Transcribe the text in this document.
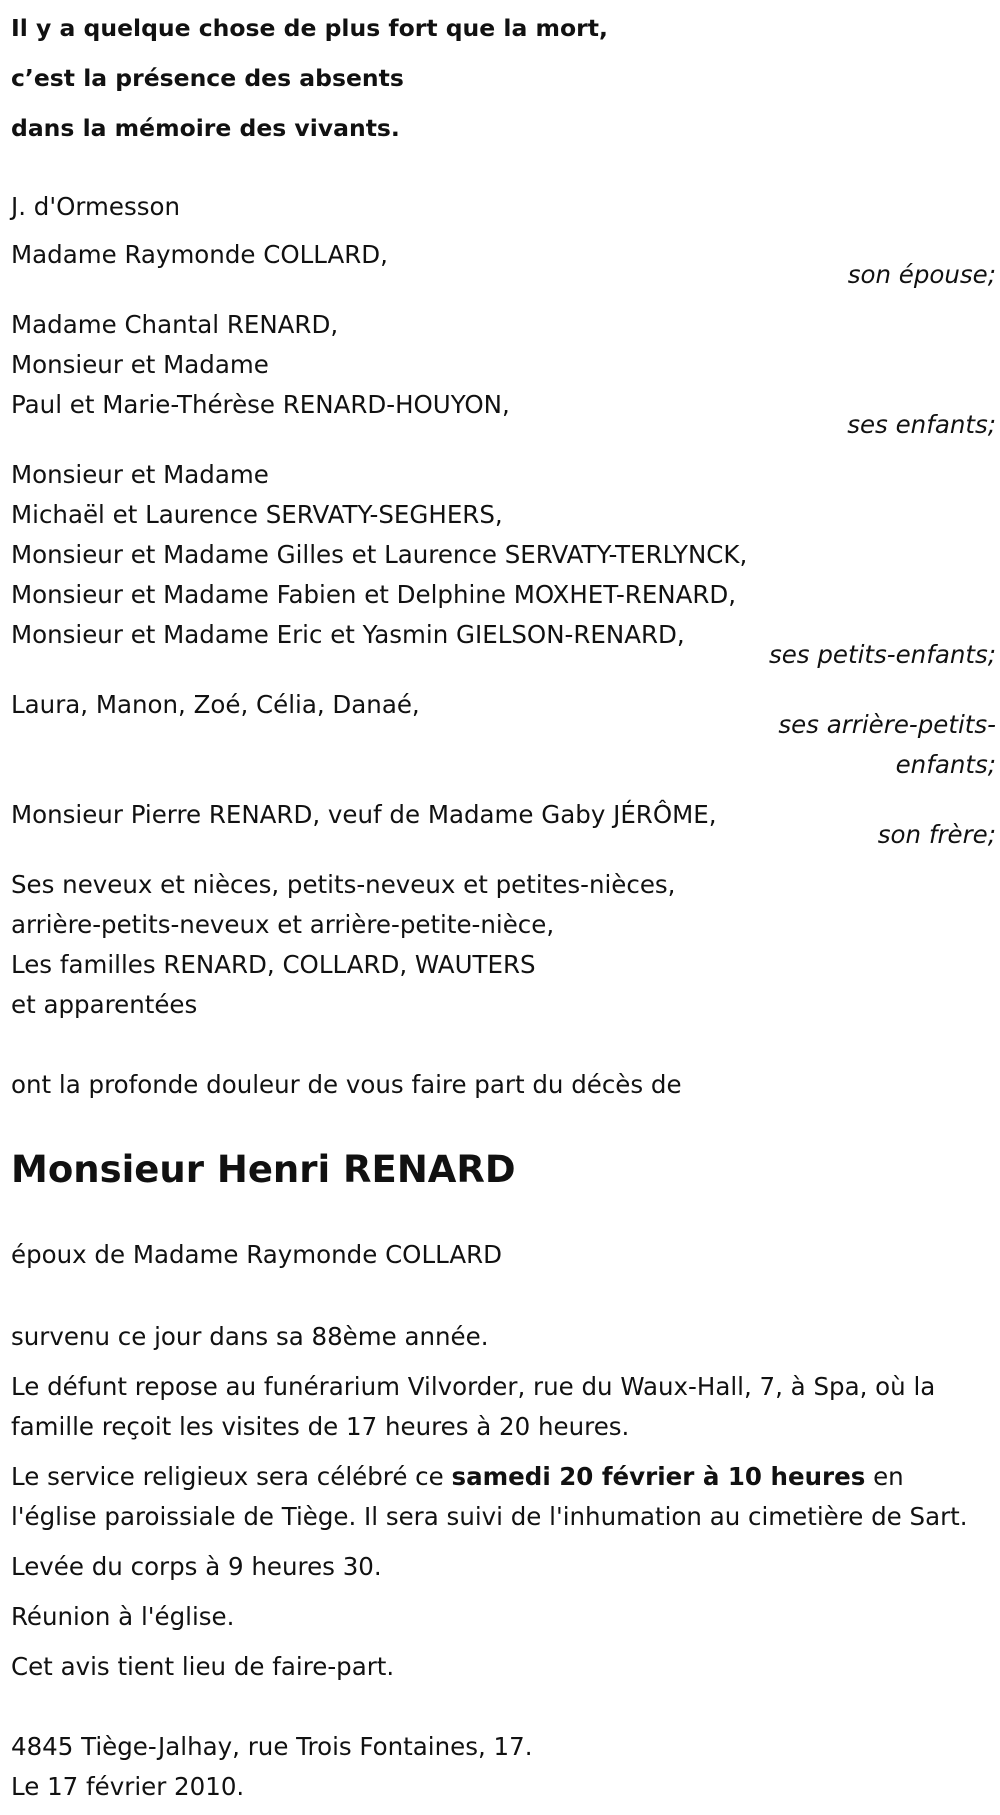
Il y a quelque chose de plus fort que la mort,
c’est la présence des absents
dans la mémoire des vivants.
J. d'Ormesson
Madame Raymonde COLLARD,
son épouse;
Madame Chantal RENARD,
Monsieur et Madame
Paul et Marie-Thérèse RENARD-HOUYON,
ses enfants;
Monsieur et Madame
Michaël et Laurence SERVATY-SEGHERS,
Monsieur et Madame Gilles et Laurence SERVATY-TERLYNCK,
Monsieur et Madame Fabien et Delphine MOXHET-RENARD,
Monsieur et Madame Eric et Yasmin GIELSON-RENARD,
ses petits-enfants;
Laura, Manon, Zoé, Célia, Danaé,
ses arrière-petits-enfants;
Monsieur Pierre RENARD, veuf de Madame Gaby JÉRÔME,
son frère;
Ses neveux et nièces, petits-neveux et petites-nièces,
arrière-petits-neveux et arrière-petite-nièce,
Les familles RENARD, COLLARD, WAUTERS
et apparentées
ont la profonde douleur de vous faire part du décès de
Monsieur Henri RENARD
époux de Madame Raymonde COLLARD
survenu ce jour dans sa 88ème année.
Le défunt repose au funérarium Vilvorder, rue du Waux-Hall, 7, à Spa, où la famille reçoit les visites de 17 heures à 20 heures.
Le service religieux sera célébré ce samedi 20 février à 10 heures en l'église paroissiale de Tiège. Il sera suivi de l'inhumation au cimetière de Sart.
Levée du corps à 9 heures 30.
Réunion à l'église.
Cet avis tient lieu de faire-part.
4845 Tiège-Jalhay, rue Trois Fontaines, 17.
Le 17 février 2010.
